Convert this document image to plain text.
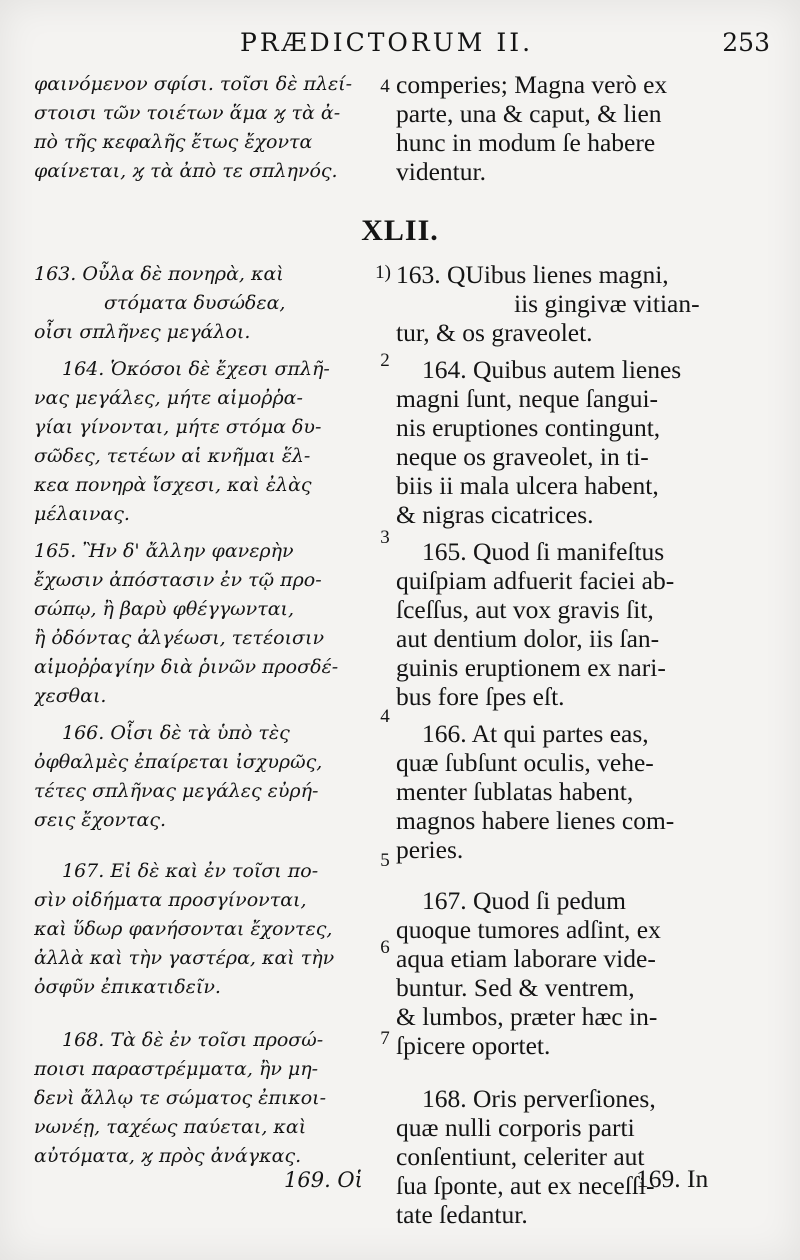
PRÆDICTORUM II.	253
φαινόμενον σφίσι. τοῖσι δὲ πλεί-
στοισι τῶν τοιέτων ἅμα ϗ τὰ ἀ-
πὸ τῆς κεφαλῆς ἔτως ἔχοντα
φαίνεται, ϗ τὰ ἀπὸ τε σπληνός.
163. Οὖλα δὲ πονηρὰ, καὶ
στόματα δυσώδεα,
οἶσι σπλῆνες μεγάλοι.
164. Ὁκόσοι δὲ ἔχεσι σπλῆ-
νας μεγάλες, μήτε αἱμοῤῥα-
γίαι γίνονται, μήτε στόμα δυ-
σῶδες, τετέων αἱ κνῆμαι ἕλ-
κεα πονηρὰ ἴσχεσι, καὶ ἐλὰς
μέλαινας.
165. Ἢν δ' ἄλλην φανερὴν
ἔχωσιν ἀπόστασιν ἐν τῷ προ-
σώπῳ, ἢ βαρὺ φθέγγωνται,
ἢ ὀδόντας ἀλγέωσι, τετέοισιν
αἱμοῤῥαγίην διὰ ῥινῶν προσδέ-
χεσθαι.
166. Οἷσι δὲ τὰ ὑπὸ τὲς
ὀφθαλμὲς ἐπαίρεται ἰσχυρῶς,
τέτες σπλῆνας μεγάλες εὐρή-
σεις ἔχοντας.
167. Εἰ δὲ καὶ ἐν τοῖσι πο-
σὶν οἰδήματα προσγίνονται,
καὶ ὕδωρ φανήσονται ἔχοντες,
ἀλλὰ καὶ τὴν γαστέρα, καὶ τὴν
ὀσφῦν ἐπικατιδεῖν.
168. Τὰ δὲ ἐν τοῖσι προσώ-
ποισι παραστρέμματα, ἢν μη-
δενὶ ἄλλῳ τε σώματος ἐπικοι-
νωνέῃ, ταχέως παύεται, καὶ
αὐτόματα, ϗ πρὸς ἀνάγκας.
XLII.
4
1)
2
3
4
5
6
7
comperies; Magna verò ex
parte, una & caput, & lien
hunc in modum ſe habere
videntur.
163. QUibus lienes magni,
iis gingivæ vitian-
tur, & os graveolet.
164. Quibus autem lienes
magni ſunt, neque ſangui-
nis eruptiones contingunt,
neque os graveolet, in ti-
biis ii mala ulcera habent,
& nigras cicatrices.
165. Quod ſi manifeſtus
quiſpiam adfuerit faciei ab-
ſceſſus, aut vox gravis ſit,
aut dentium dolor, iis ſan-
guinis eruptionem ex nari-
bus fore ſpes eſt.
166. At qui partes eas,
quæ ſubſunt oculis, vehe-
menter ſublatas habent,
magnos habere lienes com-
peries.
167. Quod ſi pedum
quoque tumores adſint, ex
aqua etiam laborare vide-
buntur. Sed & ventrem,
& lumbos, præter hæc in-
ſpicere oportet.
168. Oris perverſiones,
quæ nulli corporis parti
conſentiunt, celeriter aut
ſua ſponte, aut ex neceſſi-
tate ſedantur.
169. Οἱ	169. In
